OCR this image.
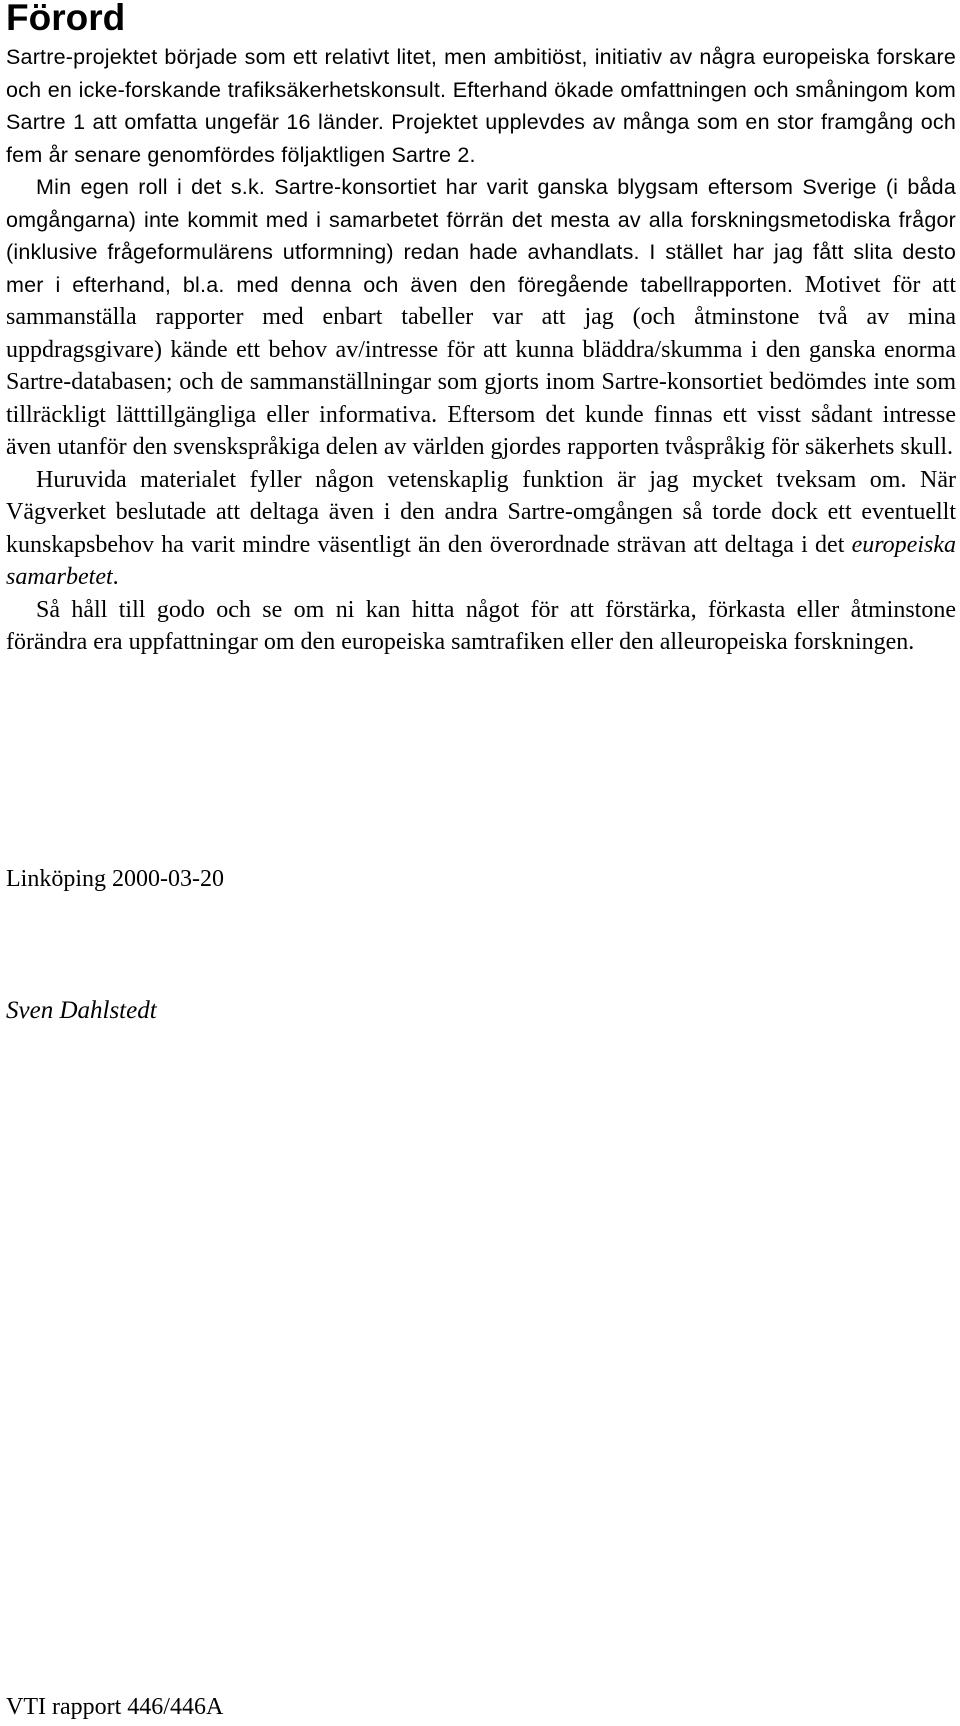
Förord

Sartre-projektet började som ett relativt litet, men ambitiöst, initiativ av några europeiska forskare och en icke-forskande trafiksäkerhetskonsult. Efterhand ökade omfattningen och småningom kom Sartre 1 att omfatta ungefär 16 länder. Projektet upplevdes av många som en stor framgång och fem år senare genomfördes följaktligen Sartre 2.

Min egen roll i det s.k. Sartre-konsortiet har varit ganska blygsam eftersom Sverige (i båda omgångarna) inte kommit med i samarbetet förrän det mesta av alla forskningsmetodiska frågor (inklusive frågeformulärens utformning) redan hade avhandlats. I stället har jag fått slita desto mer i efterhand, bl.a. med denna och även den föregående tabellrapporten. Motivet för att sammanställa rapporter med enbart tabeller var att jag (och åtminstone två av mina uppdragsgivare) kände ett behov av/intresse för att kunna bläddra/skumma i den ganska enorma Sartre-databasen; och de sammanställningar som gjorts inom Sartre-konsortiet bedömdes inte som tillräckligt lätttillgängliga eller informativa. Eftersom det kunde finnas ett visst sådant intresse även utanför den svenskspråkiga delen av världen gjordes rapporten tvåspråkig för säkerhets skull.

Huruvida materialet fyller någon vetenskaplig funktion är jag mycket tveksam om. När Vägverket beslutade att deltaga även i den andra Sartre-omgången så torde dock ett eventuellt kunskapsbehov ha varit mindre väsentligt än den överordnade strävan att deltaga i det europeiska samarbetet.

Så håll till godo och se om ni kan hitta något för att förstärka, förkasta eller åtminstone förändra era uppfattningar om den europeiska samtrafiken eller den alleuropeiska forskningen.

Linköping 2000-03-20
Sven Dahlstedt
VTI rapport 446/446A
